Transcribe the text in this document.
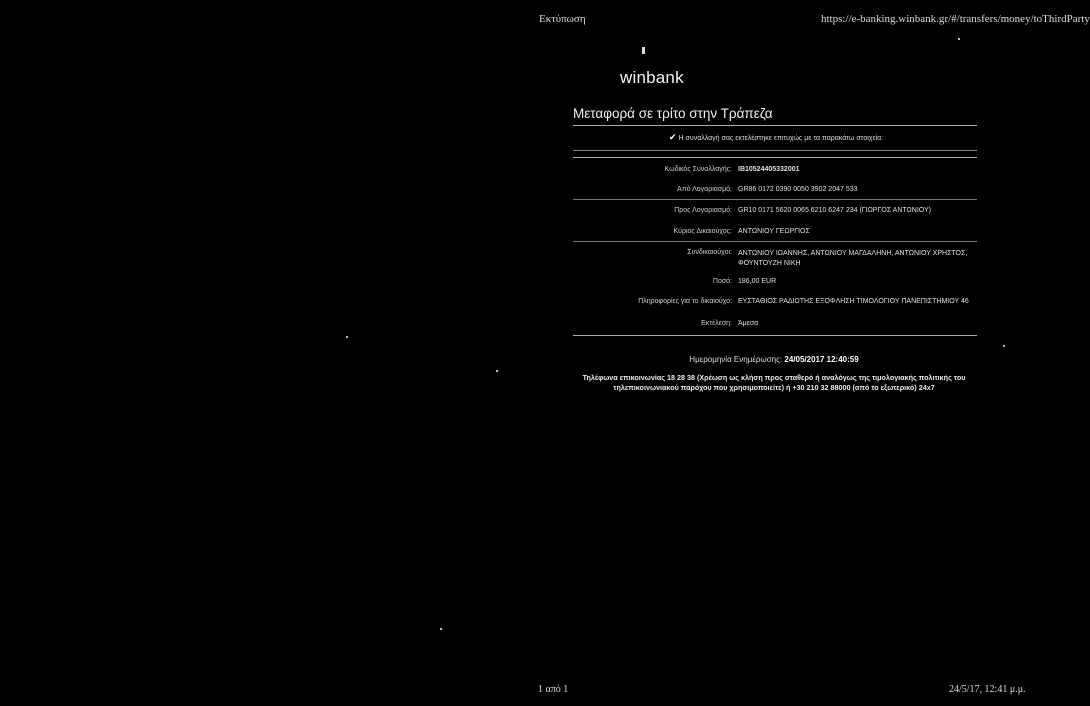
Εκτύπωση	https://e-banking.winbank.gr/#/transfers/money/toThirdParty
winbank
Μεταφορά σε τρίτο στην Τράπεζα
✔ Η συναλλαγή σας εκτελέστηκε επιτυχώς με τα παρακάτω στοιχεία:
Κωδικός Συναλλαγής: IB10524405332001
Από Λογαριασμό: GR86 0172 0390 0050 3902 2047 533
Προς Λογαριασμό: GR10 0171 5620 0065 6210 6247 234 (ΓΙΩΡΓΟΣ ΑΝΤΩΝΙΟΥ)
Κύριος Δικαιούχος: ΑΝΤΩΝΙΟΥ ΓΕΩΡΓΙΟΣ
Συνδικαιούχοι: ΑΝΤΩΝΙΟΥ ΙΩΑΝΝΗΣ, ΑΝΤΩΝΙΟΥ ΜΑΓΔΑΛΗΝΗ, ΑΝΤΩΝΙΟΥ ΧΡΗΣΤΟΣ, ΦΟΥΝΤΟΥΖΗ ΝΙΚΗ
Ποσό: 186,00 EUR
Πληροφορίες για το δικαιούχο: ΕΥΣΤΑΘΙΟΣ ΡΑΔΙΩΤΗΣ ΕΞΟΦΛΗΣΗ ΤΙΜΟΛΟΓΙΟΥ ΠΑΝΕΠΙΣΤΗΜΙΟΥ 46
Εκτέλεση: Άμεσα
Ημερομηνία Ενημέρωσης: 24/05/2017 12:40:59
Τηλέφωνα επικοινωνίας 18 28 38 (Χρέωση ως κλήση προς σταθερό ή αναλόγως της τιμολογιακής πολιτικής του τηλεπικοινωνιακού παρόχου που χρησιμοποιείτε) ή +30 210 32 88000 (από το εξωτερικό) 24x7
1 από 1	24/5/17, 12:41 μ.μ.
